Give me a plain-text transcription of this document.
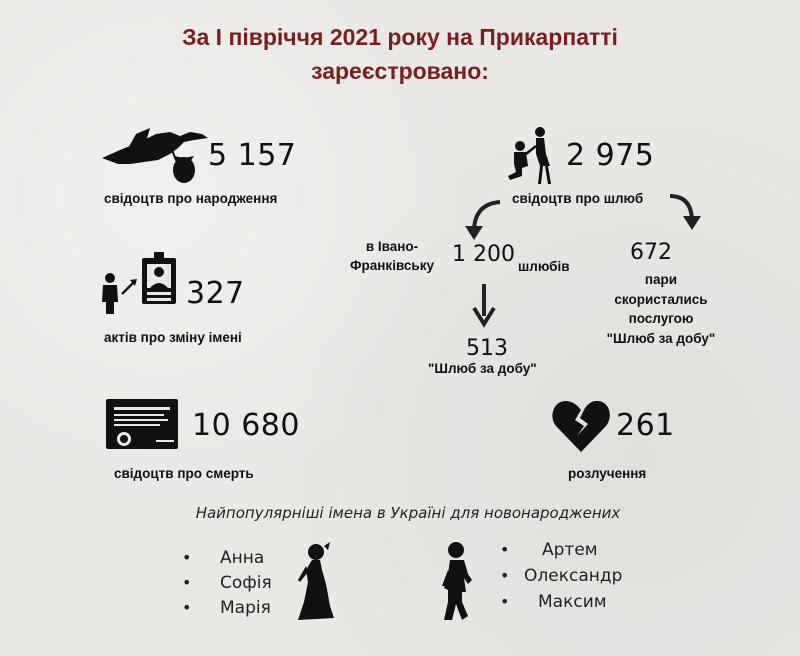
За І півріччя 2021 року на Прикарпатті
зареєстровано:
5 157
свідоцтв про народження
2 975
свідоцтв про шлюб
в Івано-
Франківську 1 200 шлюбів
513
"Шлюб за добу"
672
пари
скористались
послугою
"Шлюб за добу"
327
актів про зміну імені
10 680
свідоцтв про смерть
261
розлучення
Найпопулярніші імена в Україні для новонароджених
• Анна
• Софія
• Марія
• Артем
• Олександр
• Максим
